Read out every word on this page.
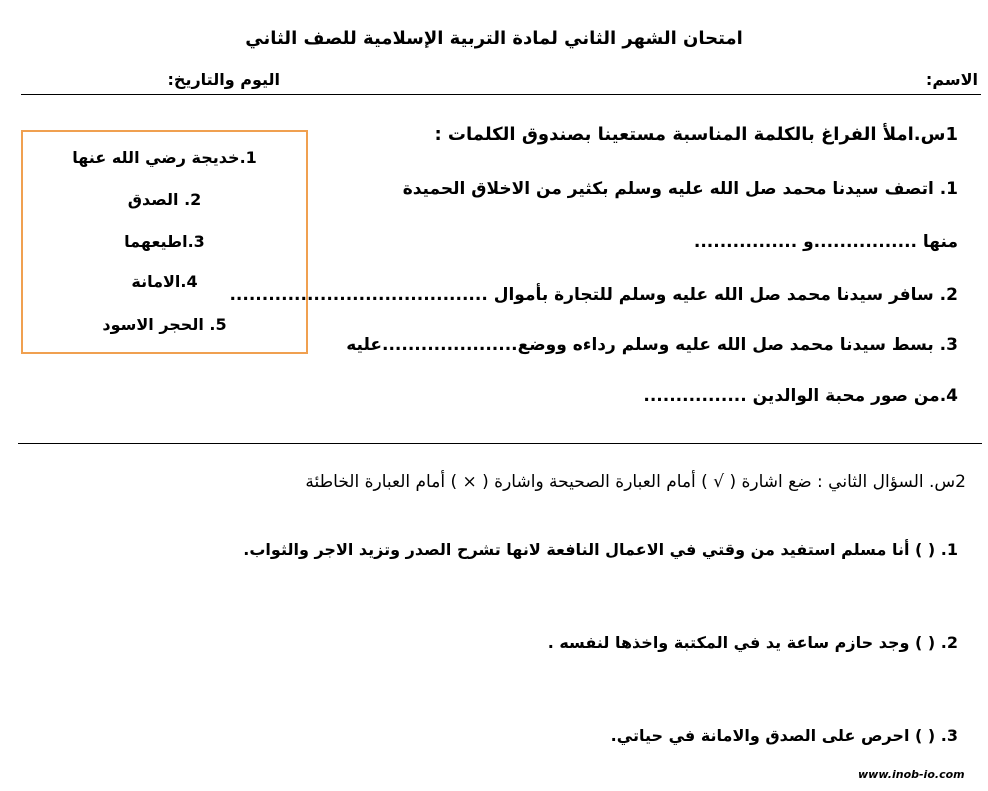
امتحان الشهر الثاني لمادة التربية الإسلامية للصف الثاني
الاسم:
اليوم والتاريخ:
1س.املأ الفراغ بالكلمة المناسبة مستعينا بصندوق الكلمات :
1. اتصف سيدنا محمد صل الله عليه وسلم بكثير من الاخلاق الحميدة
منها ................و ................
2. سافر سيدنا محمد صل الله عليه وسلم للتجارة بأموال ........................................
3. بسط سيدنا محمد صل الله عليه وسلم رداءه ووضع.....................عليه
4.من صور محبة الوالدين ................
1.خديجة رضي الله عنها
2. الصدق
3.اطيعهما
4.الامانة
5. الحجر الاسود
2س. السؤال الثاني : ضع اشارة ( √ ) أمام العبارة الصحيحة واشارة ( × ) أمام العبارة الخاطئة
1. ( ) أنا مسلم استفيد من وقتي في الاعمال النافعة لانها تشرح الصدر وتزيد الاجر والثواب.
2. ( ) وجد حازم ساعة يد في المكتبة واخذها لنفسه .
3. ( ) احرص على الصدق والامانة في حياتي.
www.inob-io.com
